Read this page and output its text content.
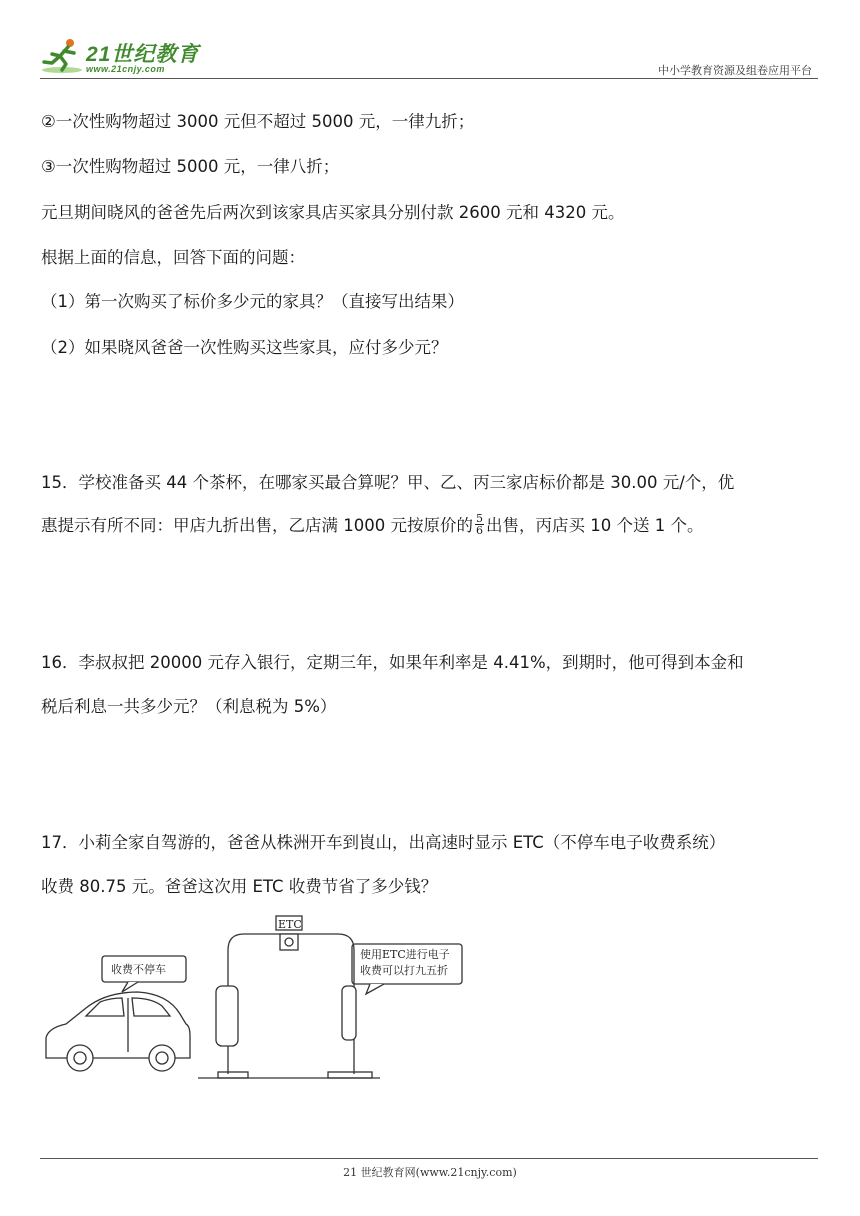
21世纪教育
www.21cnjy.com	中小学教育资源及组卷应用平台
②一次性购物超过 3000 元但不超过 5000 元，一律九折；
③一次性购物超过 5000 元，一律八折；
元旦期间晓风的爸爸先后两次到该家具店买家具分别付款 2600 元和 4320 元。
根据上面的信息，回答下面的问题：
（1）第一次购买了标价多少元的家具？（直接写出结果）
（2）如果晓风爸爸一次性购买这些家具，应付多少元？
15．学校准备买 44 个茶杯，在哪家买最合算呢？甲、乙、丙三家店标价都是 30.00 元/个，优
惠提示有所不同：甲店九折出售，乙店满 1000 元按原价的 $\frac{5}{6}$ 出售，丙店买 10 个送 1 个。
16．李叔叔把 20000 元存入银行，定期三年，如果年利率是 4.41%，到期时，他可得到本金和
税后利息一共多少元？（利息税为 5%）
17．小莉全家自驾游的，爸爸从株洲开车到崀山，出高速时显示 ETC（不停车电子收费系统）
收费 80.75 元。爸爸这次用 ETC 收费节省了多少钱？
收费不停车
ETC
使用ETC进行电子
收费可以打九五折
21 世纪教育网(www.21cnjy.com)
